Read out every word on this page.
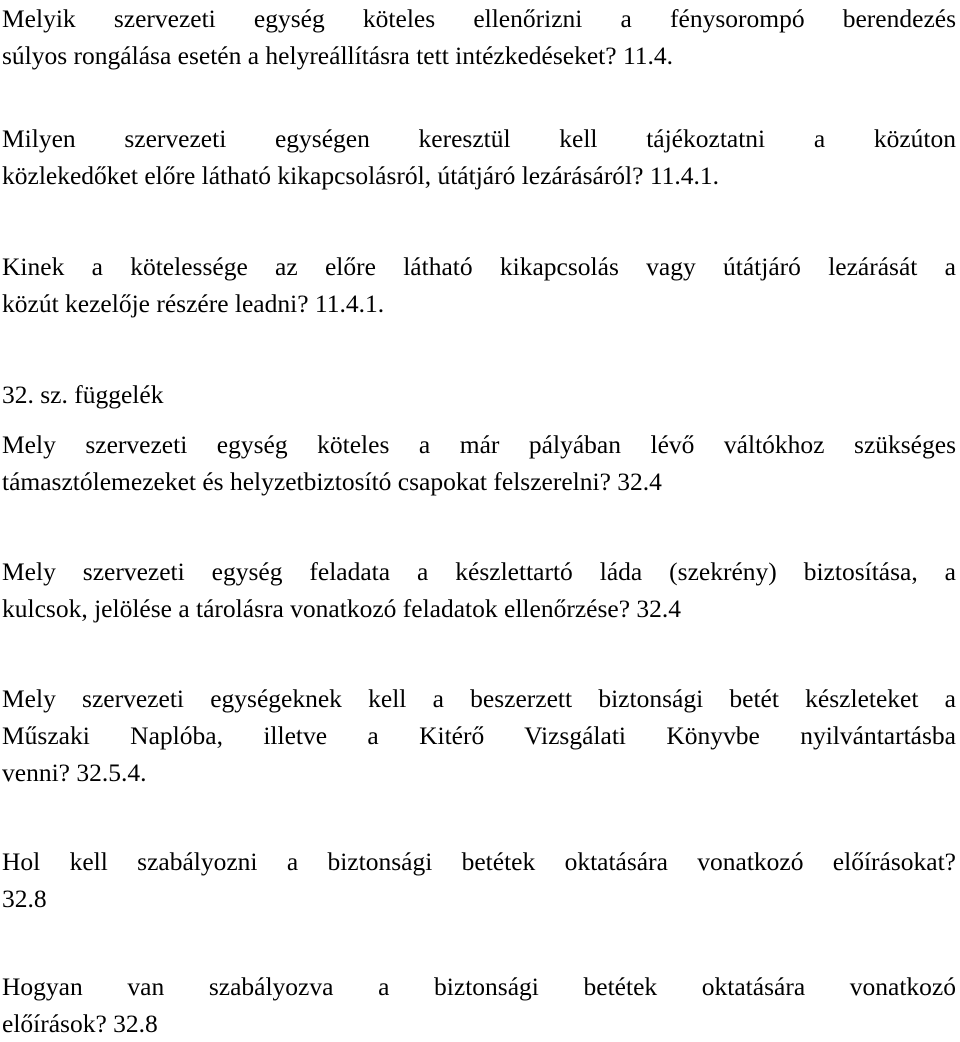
Melyik szervezeti egység köteles ellenőrizni a fénysorompó berendezés
súlyos rongálása esetén a helyreállításra tett intézkedéseket? 11.4.

Milyen szervezeti egységen keresztül kell tájékoztatni a közúton
közlekedőket előre látható kikapcsolásról, útátjáró lezárásáról? 11.4.1.

Kinek a kötelessége az előre látható kikapcsolás vagy útátjáró lezárását a
közút kezelője részére leadni? 11.4.1.

32. sz. függelék

Mely szervezeti egység köteles a már pályában lévő váltókhoz szükséges
támasztólemezeket és helyzetbiztosító csapokat felszerelni? 32.4

Mely szervezeti egység feladata a készlettartó láda (szekrény) biztosítása, a
kulcsok, jelölése a tárolásra vonatkozó feladatok ellenőrzése? 32.4

Mely szervezeti egységeknek kell a beszerzett biztonsági betét készleteket a
Műszaki Naplóba, illetve a Kitérő Vizsgálati Könyvbe nyilvántartásba
venni? 32.5.4.

Hol kell szabályozni a biztonsági betétek oktatására vonatkozó előírásokat?
32.8

Hogyan van szabályozva a biztonsági betétek oktatására vonatkozó
előírások? 32.8
